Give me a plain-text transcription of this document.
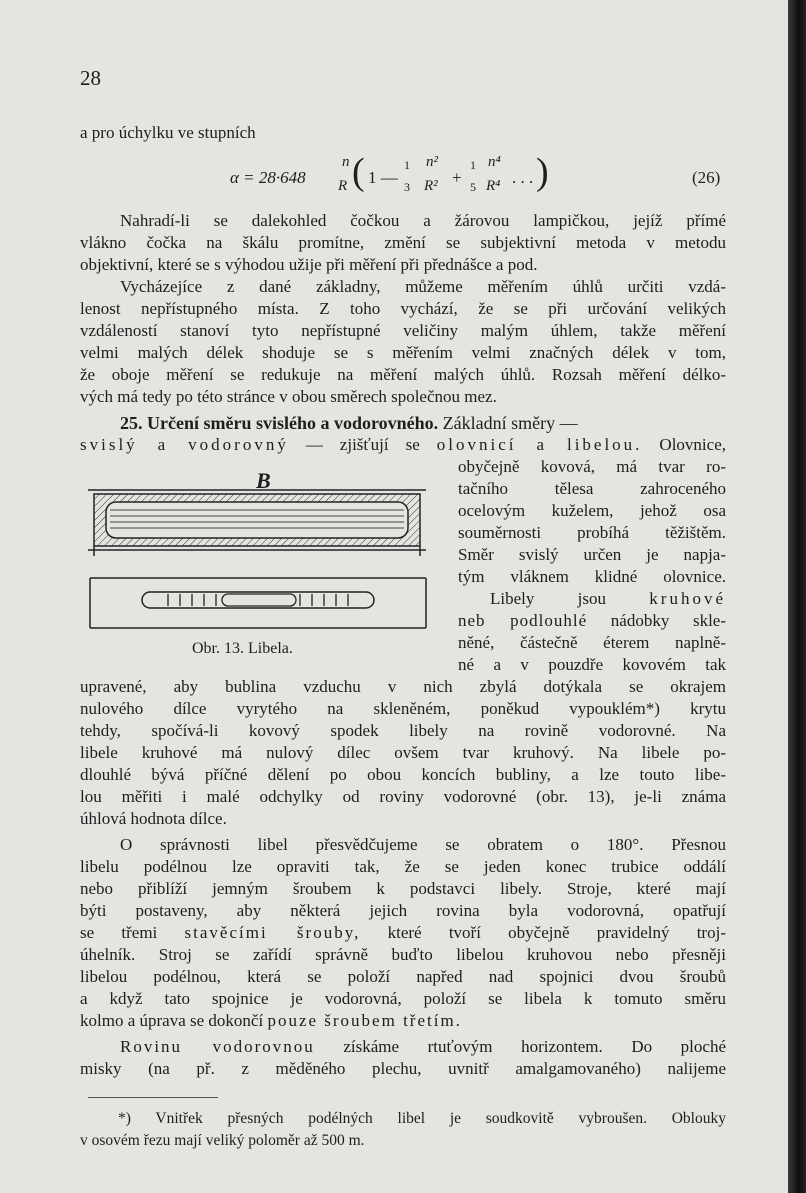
28
a pro úchylku ve stupních
α = 28·648
n
R ( 1 —
1
3
n²
R² +
1
5
n⁴
R⁴ . . . )	(26)
Nahradí-li se dalekohled čočkou a žárovou lampičkou, jejíž přímé
vlákno čočka na škálu promítne, změní se subjektivní metoda v metodu
objektivní, které se s výhodou užije při měření při přednášce a pod.
Vycházejíce z dané základny, můžeme měřením úhlů určiti vzdá-
lenost nepřístupného místa. Z toho vychází, že se při určování velikých
vzdáleností stanoví tyto nepřístupné veličiny malým úhlem, takže měření
velmi malých délek shoduje se s měřením velmi značných délek v tom,
že oboje měření se redukuje na měření malých úhlů. Rozsah měření délko-
vých má tedy po této stránce v obou směrech společnou mez.
25. Určení směru svislého a vodorovného. Základní směry —
svislý a vodorovný — zjišťují se olovnicí a libelou. Olovnice,
B
Obr. 13. Libela.
obyčejně kovová, má tvar ro-
tačního tělesa zahroceného
ocelovým kuželem, jehož osa
souměrnosti probíhá těžištěm.
Směr svislý určen je napja-
tým vláknem klidné olovnice.
Libely jsou	kruhové
neb podlouhlé nádobky skle-
něné, částečně éterem naplně-
né a v pouzdře kovovém tak
upravené, aby bublina vzduchu v nich zbylá dotýkala se okrajem
nulového dílce vyrytého na skleněném, poněkud vypouklém*) krytu
tehdy, spočívá-li kovový spodek libely na rovině vodorovné. Na
libele kruhové má nulový dílec ovšem tvar kruhový. Na libele po-
dlouhlé bývá příčné dělení po obou koncích bubliny, a lze touto libe-
lou měřiti i malé odchylky od roviny vodorovné (obr. 13), je-li známa
úhlová hodnota dílce.
O správnosti libel přesvědčujeme se obratem o 180°. Přesnou
libelu podélnou lze opraviti tak, že se jeden konec trubice oddálí
nebo přiblíží jemným šroubem k podstavci libely. Stroje, které mají
býti postaveny, aby některá jejich rovina byla vodorovná, opatřují
se třemi stavěcími šrouby, které tvoří obyčejně pravidelný troj-
úhelník. Stroj se zařídí správně buďto libelou kruhovou nebo přesněji
libelou podélnou, která se položí napřed nad spojnici dvou šroubů
a když tato spojnice je vodorovná, položí se libela k tomuto směru
kolmo a úprava se dokončí pouze šroubem třetím.
Rovinu vodorovnou získáme rtuťovým horizontem. Do ploché
misky (na př. z měděného plechu, uvnitř amalgamovaného) nalijeme
*) Vnitřek přesných podélných libel je soudkovitě vybroušen. Oblouky
v osovém řezu mají veliký poloměr až 500 m.
